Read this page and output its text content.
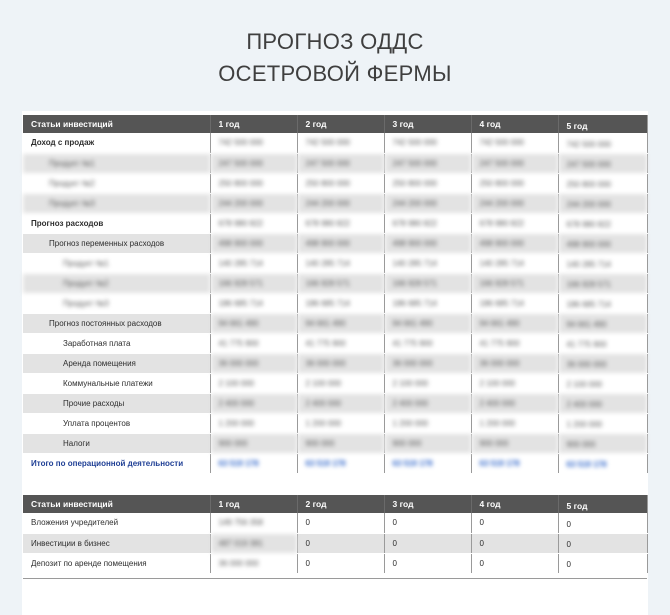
ПРОГНОЗ ОДДС
ОСЕТРОВОЙ ФЕРМЫ
Статьи инвестиций	1 год	2 год	3 год	4 год	5 год
Доход с продаж	742 500 000	742 500 000	742 500 000	742 500 000	742 500 000
Продукт №1	247 500 000	247 500 000	247 500 000	247 500 000	247 500 000
Продукт №2	250 800 000	250 800 000	250 800 000	250 800 000	250 800 000
Продукт №3	244 200 000	244 200 000	244 200 000	244 200 000	244 200 000
Прогноз расходов	678 980 822	678 980 822	678 980 822	678 980 822	678 980 822
Прогноз переменных расходов	498 900 000	498 900 000	498 900 000	498 900 000	498 900 000
Продукт №1	140 285 714	140 285 714	140 285 714	140 285 714	140 285 714
Продукт №2	166 928 571	166 928 571	166 928 571	166 928 571	166 928 571
Продукт №3	186 685 714	186 685 714	186 685 714	186 685 714	186 685 714
Прогноз постоянных расходов	94 661 490	94 661 490	94 661 490	94 661 490	94 661 490
Заработная плата	41 775 900	41 775 900	41 775 900	41 775 900	41 775 900
Аренда помещения	36 000 000	36 000 000	36 000 000	36 000 000	36 000 000
Коммунальные платежи	2 100 000	2 100 000	2 100 000	2 100 000	2 100 000
Прочие расходы	2 400 000	2 400 000	2 400 000	2 400 000	2 400 000
Уплата процентов	1 200 000	1 200 000	1 200 000	1 200 000	1 200 000
Налоги	900 000	900 000	900 000	900 000	900 000
Итого по операционной деятельности	63 519 178	63 519 178	63 519 178	63 519 178	63 519 178
Статьи инвестиций	1 год	2 год	3 год	4 год	5 год
Вложения учредителей	149 756 358	0	0	0	0
Инвестиции в бизнес	487 019 381	0	0	0	0
Депозит по аренде помещения	36 000 000	0	0	0	0
